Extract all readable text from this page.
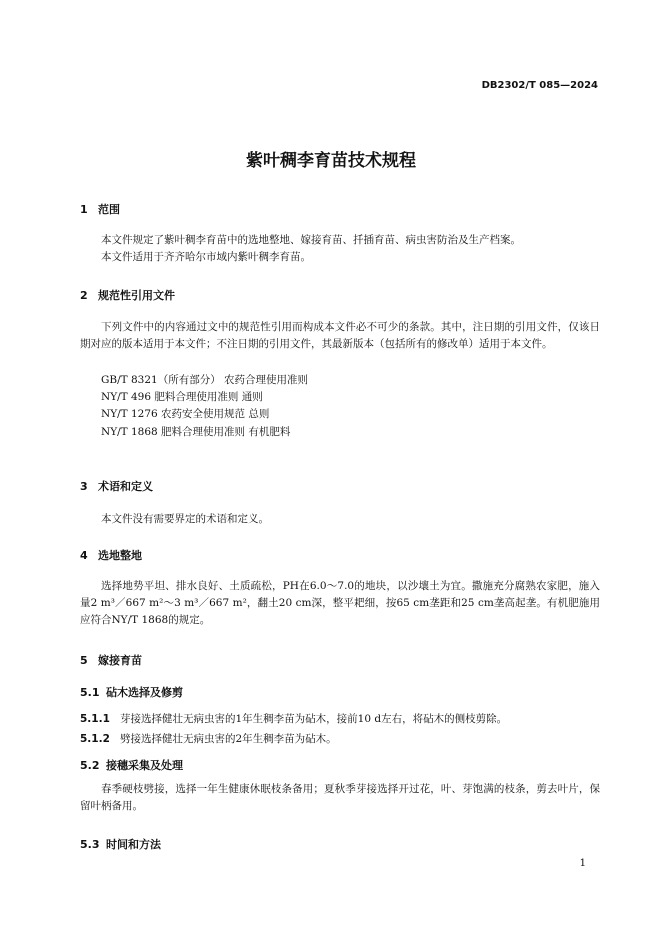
DB2302/T 085—2024
紫叶稠李育苗技术规程
1 范围
本文件规定了紫叶稠李育苗中的选地整地、嫁接育苗、扦插育苗、病虫害防治及生产档案。
本文件适用于齐齐哈尔市域内紫叶稠李育苗。
2 规范性引用文件
下列文件中的内容通过文中的规范性引用而构成本文件必不可少的条款。其中，注日期的引用文件，仅该日期对应的版本适用于本文件；不注日期的引用文件，其最新版本（包括所有的修改单）适用于本文件。
GB/T 8321（所有部分） 农药合理使用准则
NY/T 496 肥料合理使用准则 通则
NY/T 1276 农药安全使用规范 总则
NY/T 1868 肥料合理使用准则 有机肥料
3 术语和定义
本文件没有需要界定的术语和定义。
4 选地整地
选择地势平坦、排水良好、土质疏松，PH在6.0～7.0的地块，以沙壤土为宜。撒施充分腐熟农家肥，施入量2 m³／667 m²～3 m³／667 m²，翻土20 cm深，整平耙细，按65 cm垄距和25 cm垄高起垄。有机肥施用应符合NY/T 1868的规定。
5 嫁接育苗
5.1 砧木选择及修剪
5.1.1 芽接选择健壮无病虫害的1年生稠李苗为砧木，接前10 d左右，将砧木的侧枝剪除。
5.1.2 劈接选择健壮无病虫害的2年生稠李苗为砧木。
5.2 接穗采集及处理
春季硬枝劈接，选择一年生健康休眠枝条备用；夏秋季芽接选择开过花，叶、芽饱满的枝条，剪去叶片，保留叶柄备用。
5.3 时间和方法
1
